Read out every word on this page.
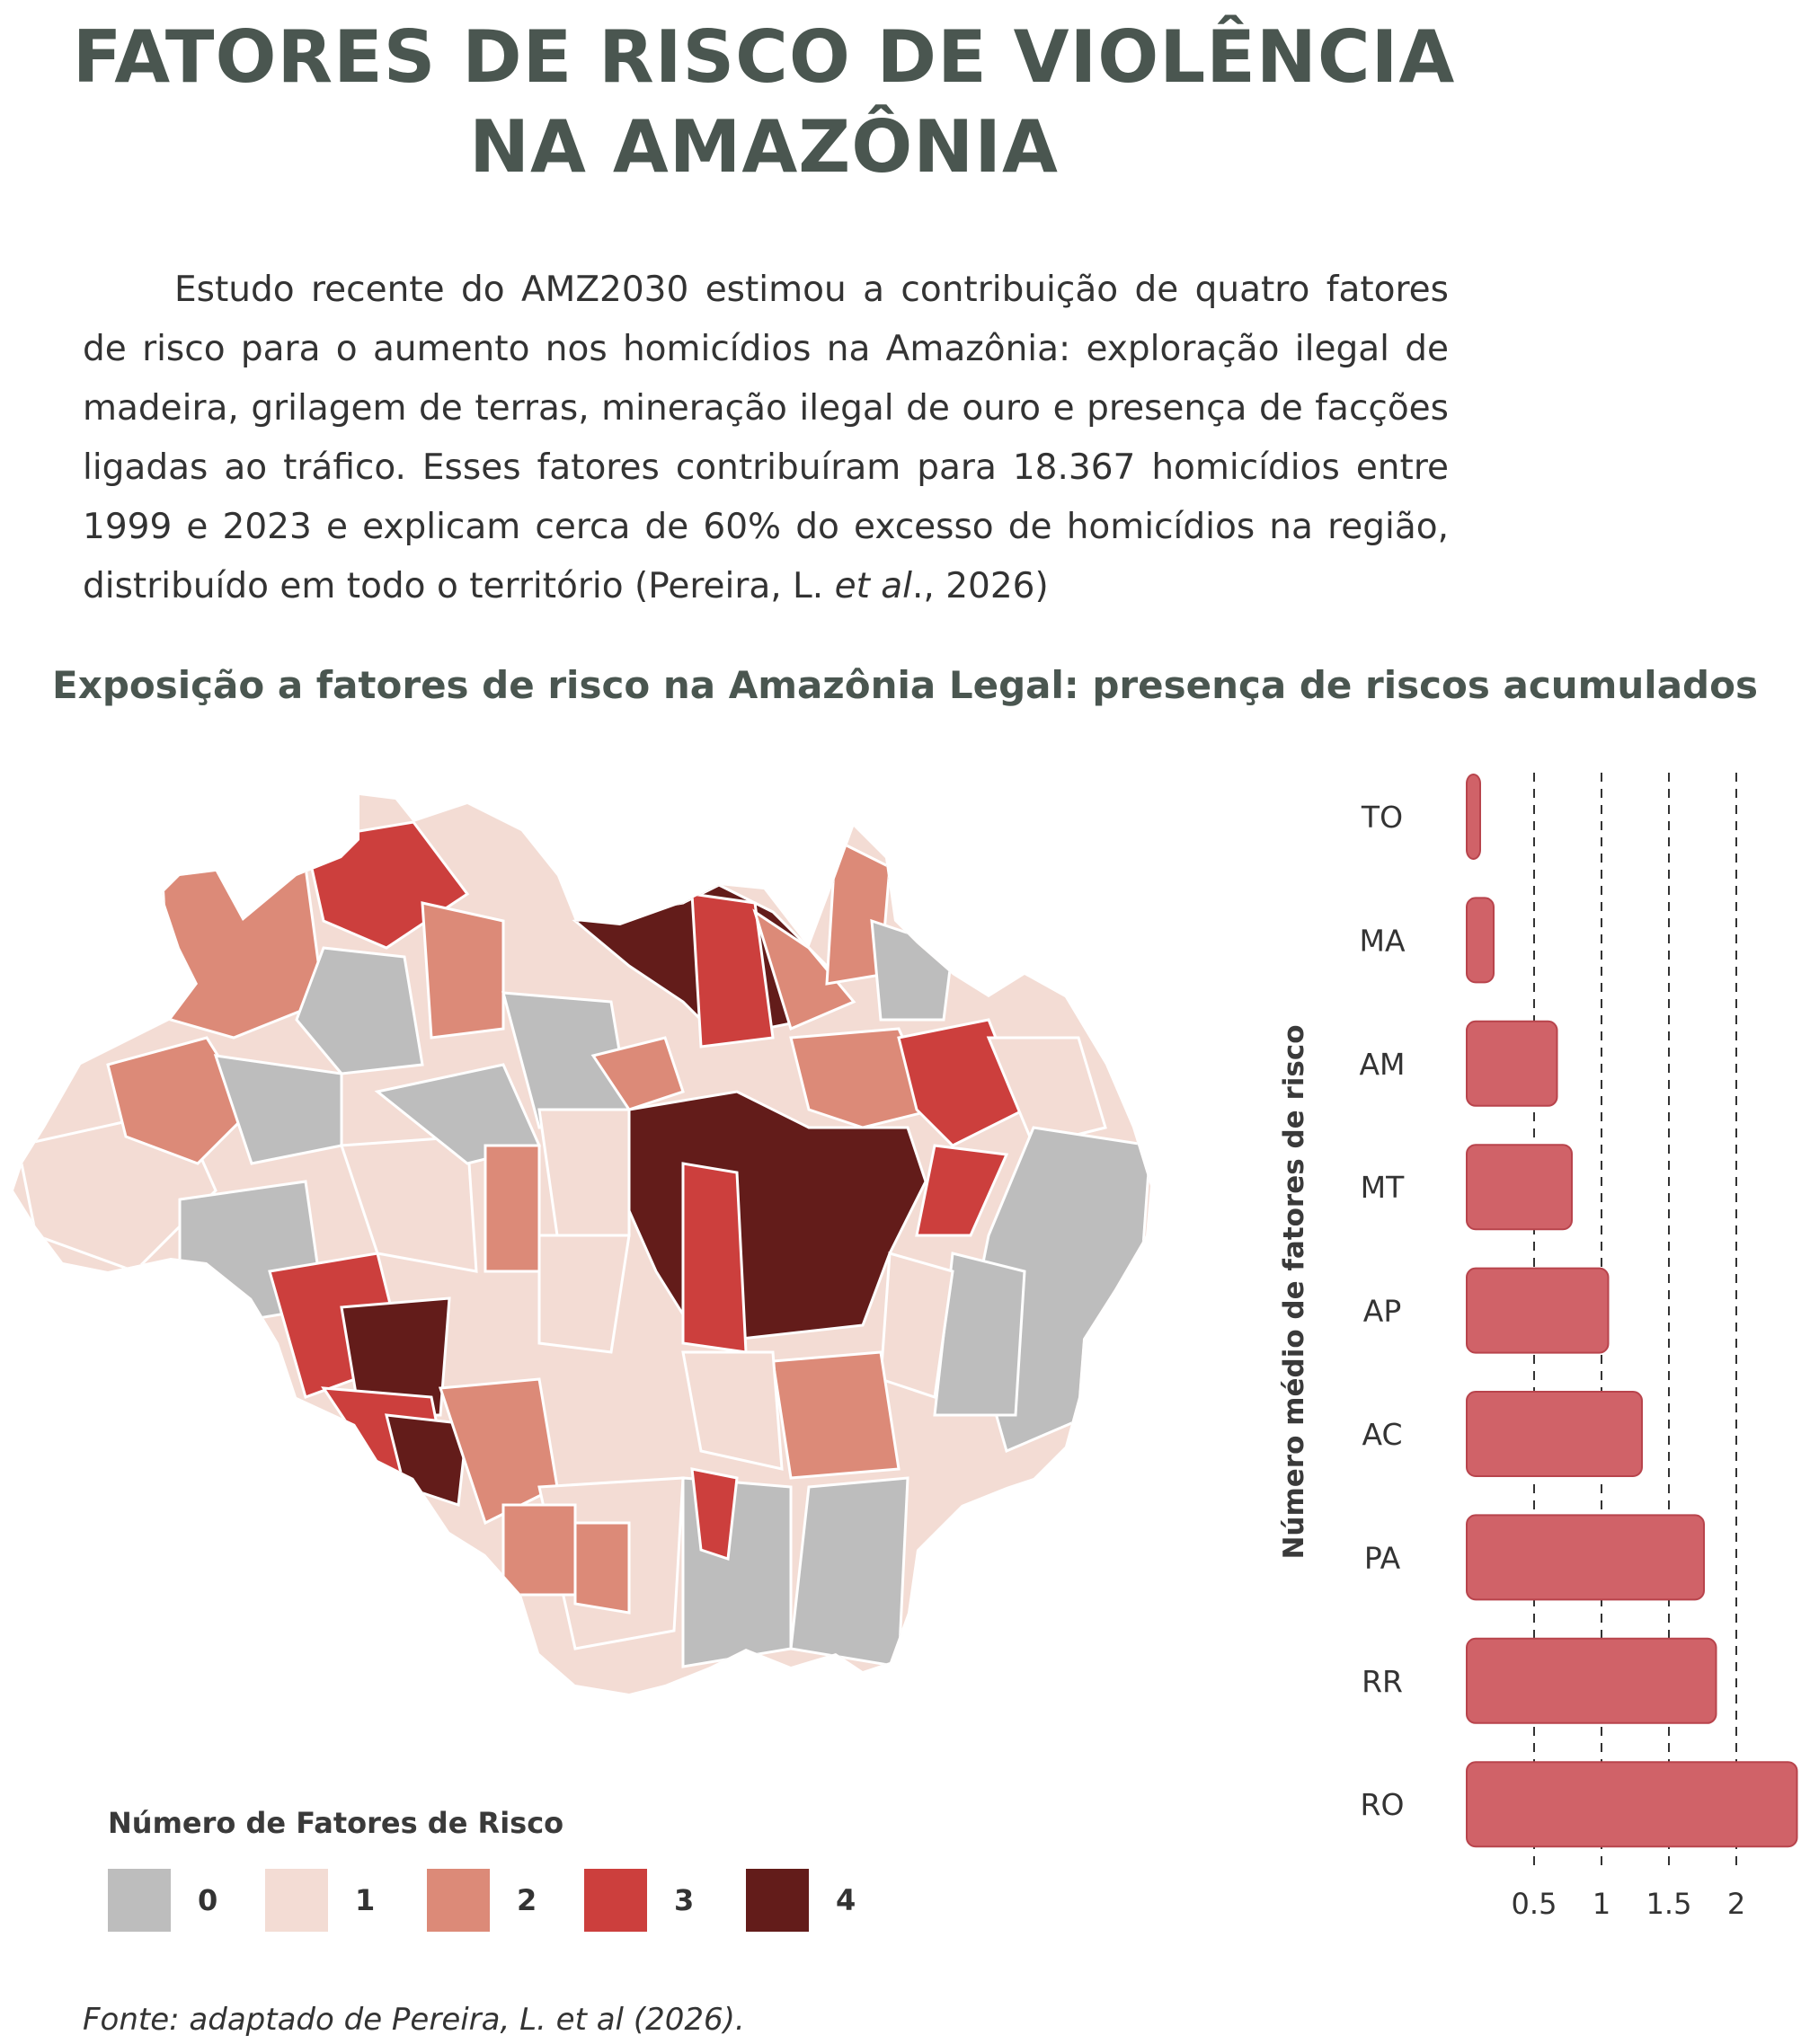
FATORES DE RISCO DE VIOLÊNCIA
NA AMAZÔNIA

Estudo recente do AMZ2030 estimou a contribuição de quatro fatores de risco para o aumento nos homicídios na Amazônia: exploração ilegal de madeira, grilagem de terras, mineração ilegal de ouro e presença de facções ligadas ao tráfico. Esses fatores contribuíram para 18.367 homicídios entre 1999 e 2023 e explicam cerca de 60% do excesso de homicídios na região, distribuído em todo o território (Pereira, L. et al., 2026)

Exposição a fatores de risco na Amazônia Legal: presença de riscos acumulados

Número de Fatores de Risco

0	1	2	3	4
TO
MA
AM
MT
AP
AC
PA
RR
RO
0.5 1 1.5 2
Número médio de fatores de risco

Fonte: adaptado de Pereira, L. et al (2026).
